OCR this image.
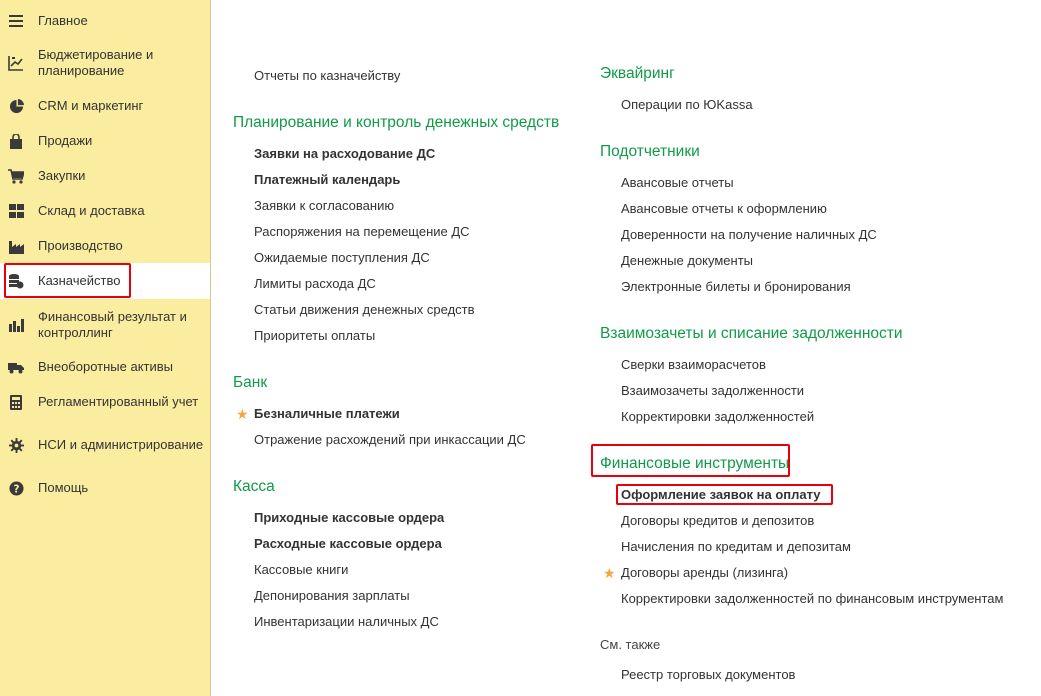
Главное
Бюджетирование и планирование
CRM и маркетинг
Продажи
Закупки
Склад и доставка
Производство
Казначейство
Финансовый результат и контроллинг
Внеоборотные активы
Регламентированный учет
НСИ и администрирование
? Помощь
Отчеты по казначейству
Планирование и контроль денежных средств
Заявки на расходование ДС
Платежный календарь
Заявки к согласованию
Распоряжения на перемещение ДС
Ожидаемые поступления ДС
Лимиты расхода ДС
Статьи движения денежных средств
Приоритеты оплаты
Банк
★ Безналичные платежи
Отражение расхождений при инкассации ДС
Касса
Приходные кассовые ордера
Расходные кассовые ордера
Кассовые книги
Депонирования зарплаты
Инвентаризации наличных ДС
Эквайринг
Операции по ЮKassa
Подотчетники
Авансовые отчеты
Авансовые отчеты к оформлению
Доверенности на получение наличных ДС
Денежные документы
Электронные билеты и бронирования
Взаимозачеты и списание задолженности
Сверки взаиморасчетов
Взаимозачеты задолженности
Корректировки задолженностей
Финансовые инструменты
Оформление заявок на оплату
Договоры кредитов и депозитов
Начисления по кредитам и депозитам
★ Договоры аренды (лизинга)
Корректировки задолженностей по финансовым инструментам
См. также
Реестр торговых документов
